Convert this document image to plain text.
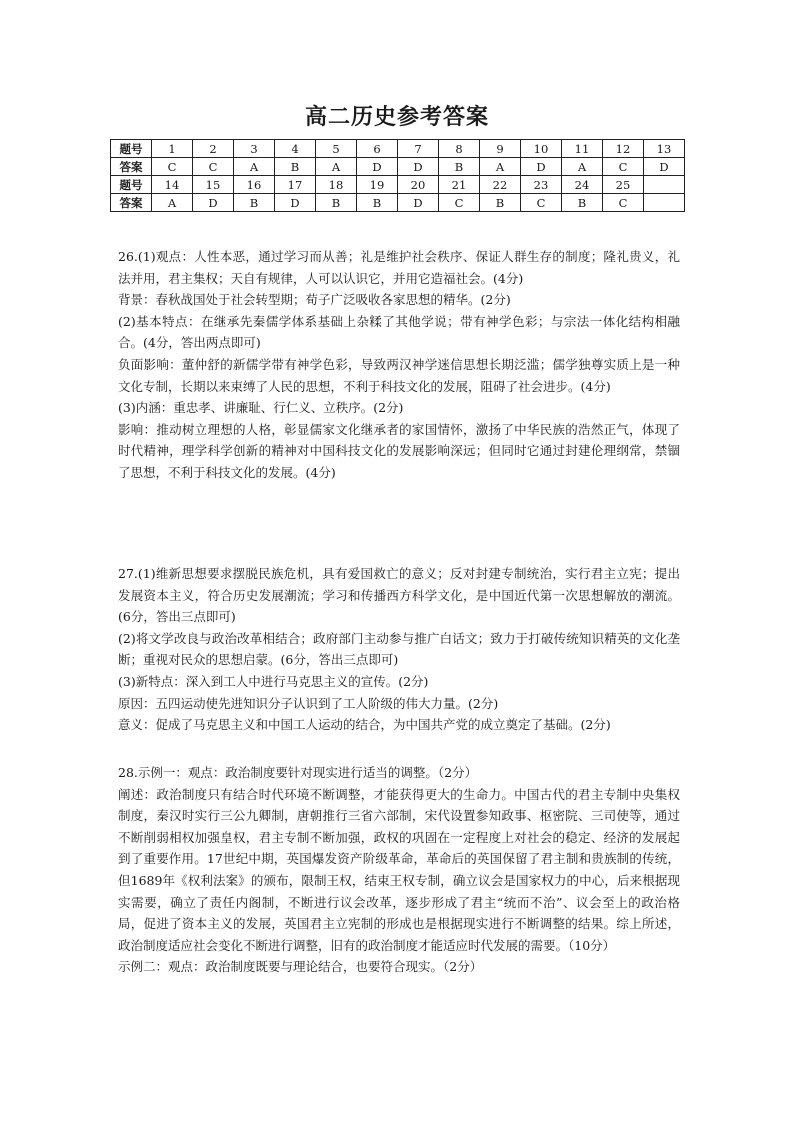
高二历史参考答案
题号	1	2	3	4	5	6	7	8	9	10	11	12	13
答案	C	C	A	B	A	D	D	B	A	D	A	C	D
题号	14	15	16	17	18	19	20	21	22	23	24	25	
答案	A	D	B	D	B	B	D	C	B	C	B	C	

26.(1)观点：人性本恶，通过学习而从善；礼是维护社会秩序、保证人群生存的制度；隆礼贵义，礼法并用，君主集权；天自有规律，人可以认识它，并用它造福社会。(4分)

背景：春秋战国处于社会转型期；荀子广泛吸收各家思想的精华。(2分)

(2)基本特点：在继承先秦儒学体系基础上杂糅了其他学说；带有神学色彩；与宗法一体化结构相融合。(4分，答出两点即可)

负面影响：董仲舒的新儒学带有神学色彩，导致两汉神学迷信思想长期泛滥；儒学独尊实质上是一种文化专制，长期以来束缚了人民的思想，不利于科技文化的发展，阻碍了社会进步。(4分)

(3)内涵：重忠孝、讲廉耻、行仁义、立秩序。(2分)

影响：推动树立理想的人格，彰显儒家文化继承者的家国情怀，激扬了中华民族的浩然正气，体现了时代精神，理学科学创新的精神对中国科技文化的发展影响深远；但同时它通过封建伦理纲常，禁锢了思想，不利于科技文化的发展。(4分)

27.(1)维新思想要求摆脱民族危机，具有爱国救亡的意义；反对封建专制统治，实行君主立宪；提出发展资本主义，符合历史发展潮流；学习和传播西方科学文化，是中国近代第一次思想解放的潮流。(6分，答出三点即可)

(2)将文学改良与政治改革相结合；政府部门主动参与推广白话文；致力于打破传统知识精英的文化垄断；重视对民众的思想启蒙。(6分，答出三点即可)

(3)新特点：深入到工人中进行马克思主义的宣传。(2分)

原因：五四运动使先进知识分子认识到了工人阶级的伟大力量。(2分)

意义：促成了马克思主义和中国工人运动的结合，为中国共产党的成立奠定了基础。(2分)

28.示例一：观点：政治制度要针对现实进行适当的调整。（2分）

阐述：政治制度只有结合时代环境不断调整，才能获得更大的生命力。中国古代的君主专制中央集权制度，秦汉时实行三公九卿制，唐朝推行三省六部制，宋代设置参知政事、枢密院、三司使等，通过不断削弱相权加强皇权，君主专制不断加强，政权的巩固在一定程度上对社会的稳定、经济的发展起到了重要作用。17世纪中期，英国爆发资产阶级革命，革命后的英国保留了君主制和贵族制的传统，但1689年《权利法案》的颁布，限制王权，结束王权专制，确立议会是国家权力的中心，后来根据现实需要，确立了责任内阁制，不断进行议会改革，逐步形成了君主“统而不治”、议会至上的政治格局，促进了资本主义的发展，英国君主立宪制的形成也是根据现实进行不断调整的结果。综上所述，政治制度适应社会变化不断进行调整，旧有的政治制度才能适应时代发展的需要。（10分）

示例二：观点：政治制度既要与理论结合，也要符合现实。（2分）
